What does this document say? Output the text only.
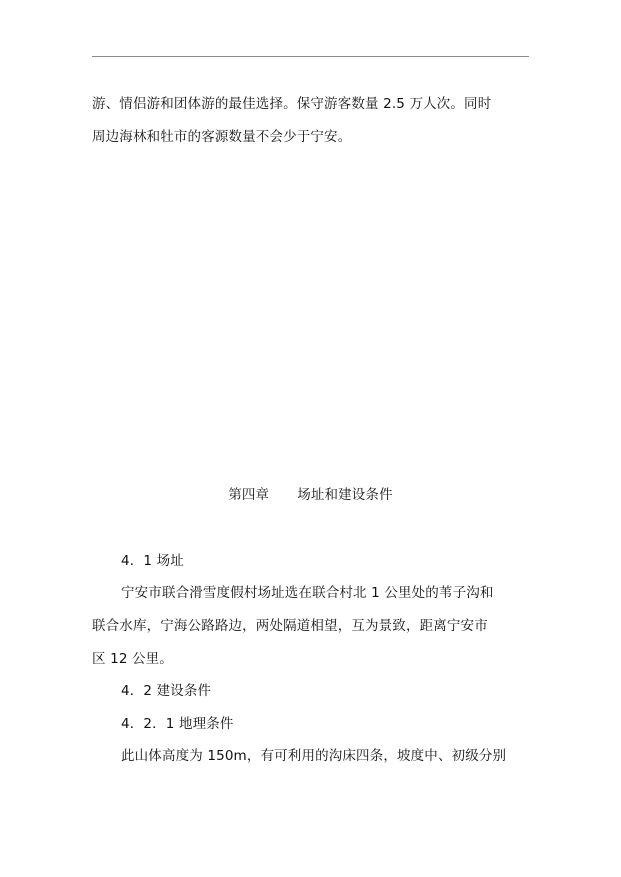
游、情侣游和团体游的最佳选择。保守游客数量 2.5 万人次。同时
周边海林和牡市的客源数量不会少于宁安。
第四章 场址和建设条件
4．1 场址
宁安市联合滑雪度假村场址选在联合村北 1 公里处的苇子沟和
联合水库，宁海公路路边，两处隔道相望，互为景致，距离宁安市
区 12 公里。
4．2 建设条件
4．2．1 地理条件
此山体高度为 150m，有可利用的沟床四条，坡度中、初级分别
